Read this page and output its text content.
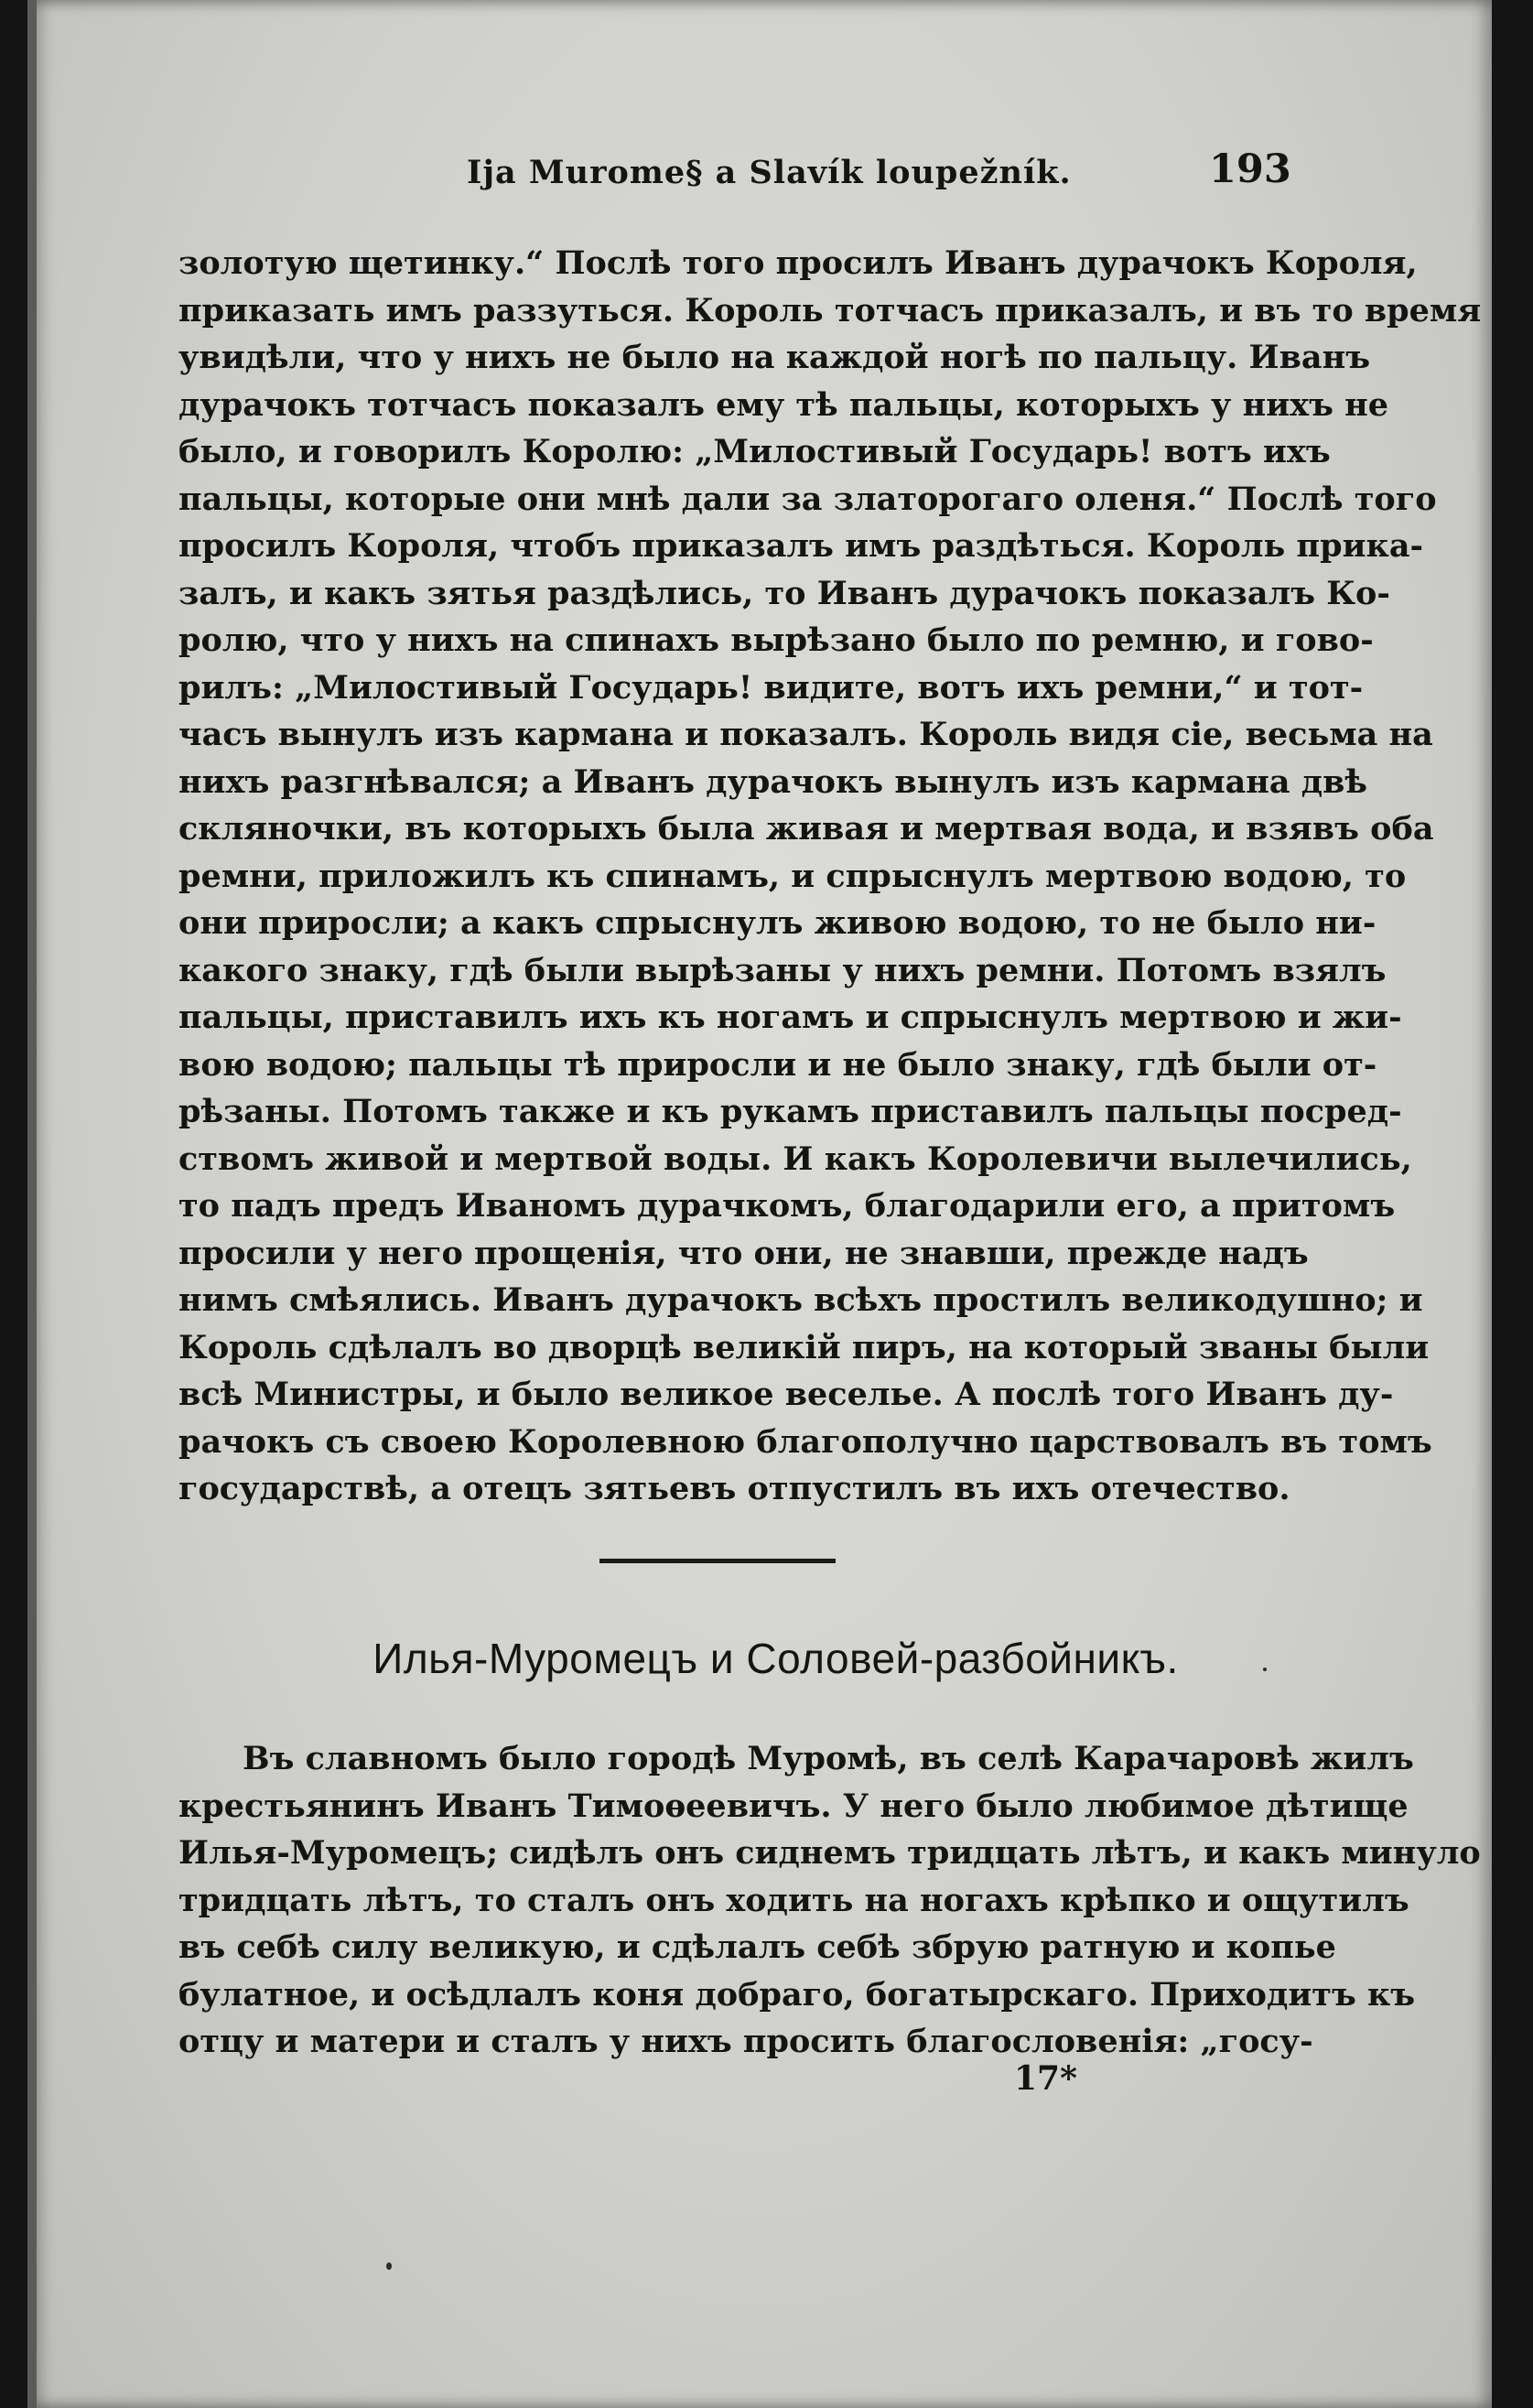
Ija Murome§ a Slavík loupežník.	193
золотую щетинку.“ Послѣ того просилъ Иванъ дурачокъ Короля,
приказать имъ раззуться. Король тотчасъ приказалъ, и въ то время
увидѣли, что у нихъ не было на каждой ногѣ по пальцу. Иванъ
дурачокъ тотчасъ показалъ ему тѣ пальцы, которыхъ у нихъ не
было, и говорилъ Королю: „Милостивый Государь! вотъ ихъ
пальцы, которые они мнѣ дали за златорогаго оленя.“ Послѣ того
просилъ Короля, чтобъ приказалъ имъ раздѣться. Король прика-
залъ, и какъ зятья раздѣлись, то Иванъ дурачокъ показалъ Ко-
ролю, что у нихъ на спинахъ вырѣзано было по ремню, и гово-
рилъ: „Милостивый Государь! видите, вотъ ихъ ремни,“ и тот-
часъ вынулъ изъ кармана и показалъ. Король видя сіе, весьма на
нихъ разгнѣвался; а Иванъ дурачокъ вынулъ изъ кармана двѣ
скляночки, въ которыхъ была живая и мертвая вода, и взявъ оба
ремни, приложилъ къ спинамъ, и спрыснулъ мертвою водою, то
они приросли; а какъ спрыснулъ живою водою, то не было ни-
какого знаку, гдѣ были вырѣзаны у нихъ ремни. Потомъ взялъ
пальцы, приставилъ ихъ къ ногамъ и спрыснулъ мертвою и жи-
вою водою; пальцы тѣ приросли и не было знаку, гдѣ были от-
рѣзаны. Потомъ также и къ рукамъ приставилъ пальцы посред-
ствомъ живой и мертвой воды. И какъ Королевичи вылечились,
то падъ предъ Иваномъ дурачкомъ, благодарили его, а притомъ
просили у него прощенія, что они, не знавши, прежде надъ
нимъ смѣялись. Иванъ дурачокъ всѣхъ простилъ великодушно; и
Король сдѣлалъ во дворцѣ великій пиръ, на который званы были
всѣ Министры, и было великое веселье. А послѣ того Иванъ ду-
рачокъ съ своею Королевною благополучно царствовалъ въ томъ
государствѣ, а отецъ зятьевъ отпустилъ въ ихъ отечество.
Илья-Муромецъ и Соловей-разбойникъ.
Въ славномъ было городѣ Муромѣ, въ селѣ Карачаровѣ жилъ
крестьянинъ Иванъ Тимоѳеевичъ. У него было любимое дѣтище
Илья-Муромецъ; сидѣлъ онъ сиднемъ тридцать лѣтъ, и какъ минуло
тридцать лѣтъ, то сталъ онъ ходить на ногахъ крѣпко и ощутилъ
въ себѣ силу великую, и сдѣлалъ себѣ збрую ратную и копье
булатное, и осѣдлалъ коня добраго, богатырскаго. Приходитъ къ
отцу и матери и сталъ у нихъ просить благословенія: „госу-
17*
